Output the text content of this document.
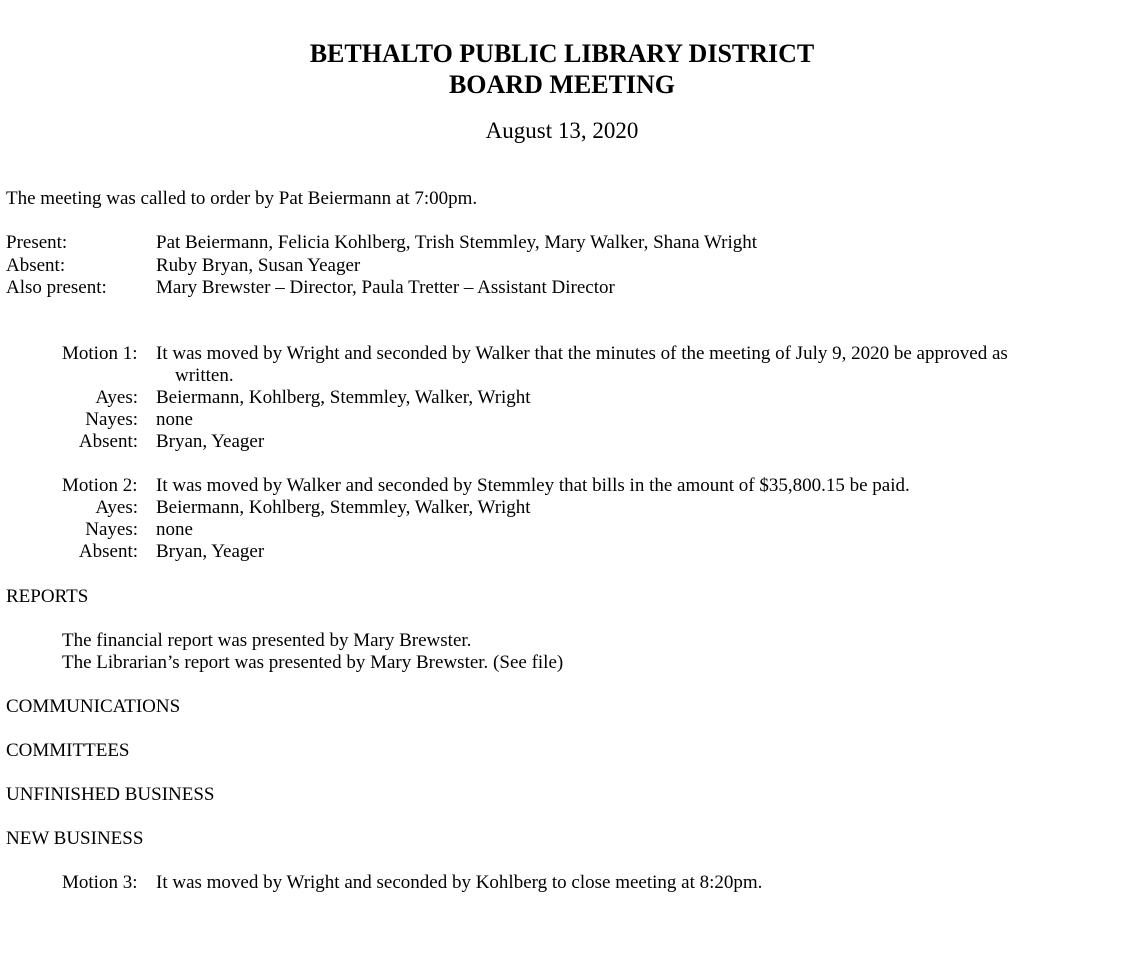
BETHALTO PUBLIC LIBRARY DISTRICT
BOARD MEETING
August 13, 2020
The meeting was called to order by Pat Beiermann at 7:00pm.
Present:	Pat Beiermann, Felicia Kohlberg, Trish Stemmley, Mary Walker, Shana Wright
Absent:	Ruby Bryan, Susan Yeager
Also present:	Mary Brewster – Director, Paula Tretter – Assistant Director
Motion 1: It was moved by Wright and seconded by Walker that the minutes of the meeting of July 9, 2020 be approved as
written.
Ayes: Beiermann, Kohlberg, Stemmley, Walker, Wright
Nayes: none
Absent: Bryan, Yeager
Motion 2: It was moved by Walker and seconded by Stemmley that bills in the amount of $35,800.15 be paid.
Ayes: Beiermann, Kohlberg, Stemmley, Walker, Wright
Nayes: none
Absent: Bryan, Yeager
REPORTS
The financial report was presented by Mary Brewster.
The Librarian’s report was presented by Mary Brewster. (See file)
COMMUNICATIONS
COMMITTEES
UNFINISHED BUSINESS
NEW BUSINESS
Motion 3: It was moved by Wright and seconded by Kohlberg to close meeting at 8:20pm.
